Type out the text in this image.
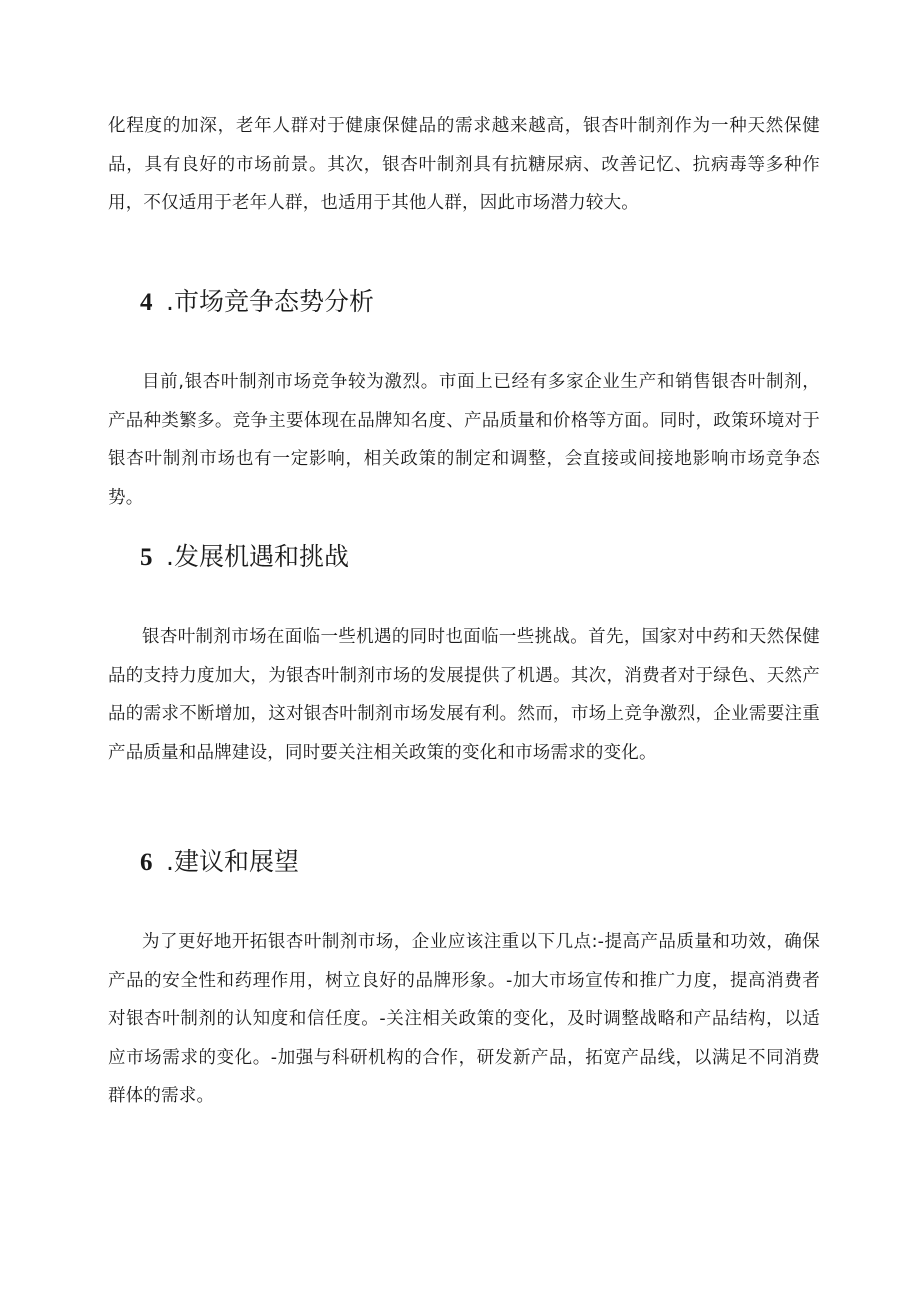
化程度的加深，老年人群对于健康保健品的需求越来越高，银杏叶制剂作为一种天然保健品，具有良好的市场前景。其次，银杏叶制剂具有抗糖尿病、改善记忆、抗病毒等多种作用，不仅适用于老年人群，也适用于其他人群，因此市场潜力较大。

4 .市场竞争态势分析

目前,银杏叶制剂市场竞争较为激烈。市面上已经有多家企业生产和销售银杏叶制剂，产品种类繁多。竞争主要体现在品牌知名度、产品质量和价格等方面。同时，政策环境对于银杏叶制剂市场也有一定影响，相关政策的制定和调整，会直接或间接地影响市场竞争态势。

5 .发展机遇和挑战

银杏叶制剂市场在面临一些机遇的同时也面临一些挑战。首先，国家对中药和天然保健品的支持力度加大，为银杏叶制剂市场的发展提供了机遇。其次，消费者对于绿色、天然产品的需求不断增加，这对银杏叶制剂市场发展有利。然而，市场上竞争激烈，企业需要注重产品质量和品牌建设，同时要关注相关政策的变化和市场需求的变化。

6 .建议和展望

为了更好地开拓银杏叶制剂市场，企业应该注重以下几点:-提高产品质量和功效，确保产品的安全性和药理作用，树立良好的品牌形象。-加大市场宣传和推广力度，提高消费者对银杏叶制剂的认知度和信任度。-关注相关政策的变化，及时调整战略和产品结构，以适应市场需求的变化。-加强与科研机构的合作，研发新产品，拓宽产品线，以满足不同消费群体的需求。
